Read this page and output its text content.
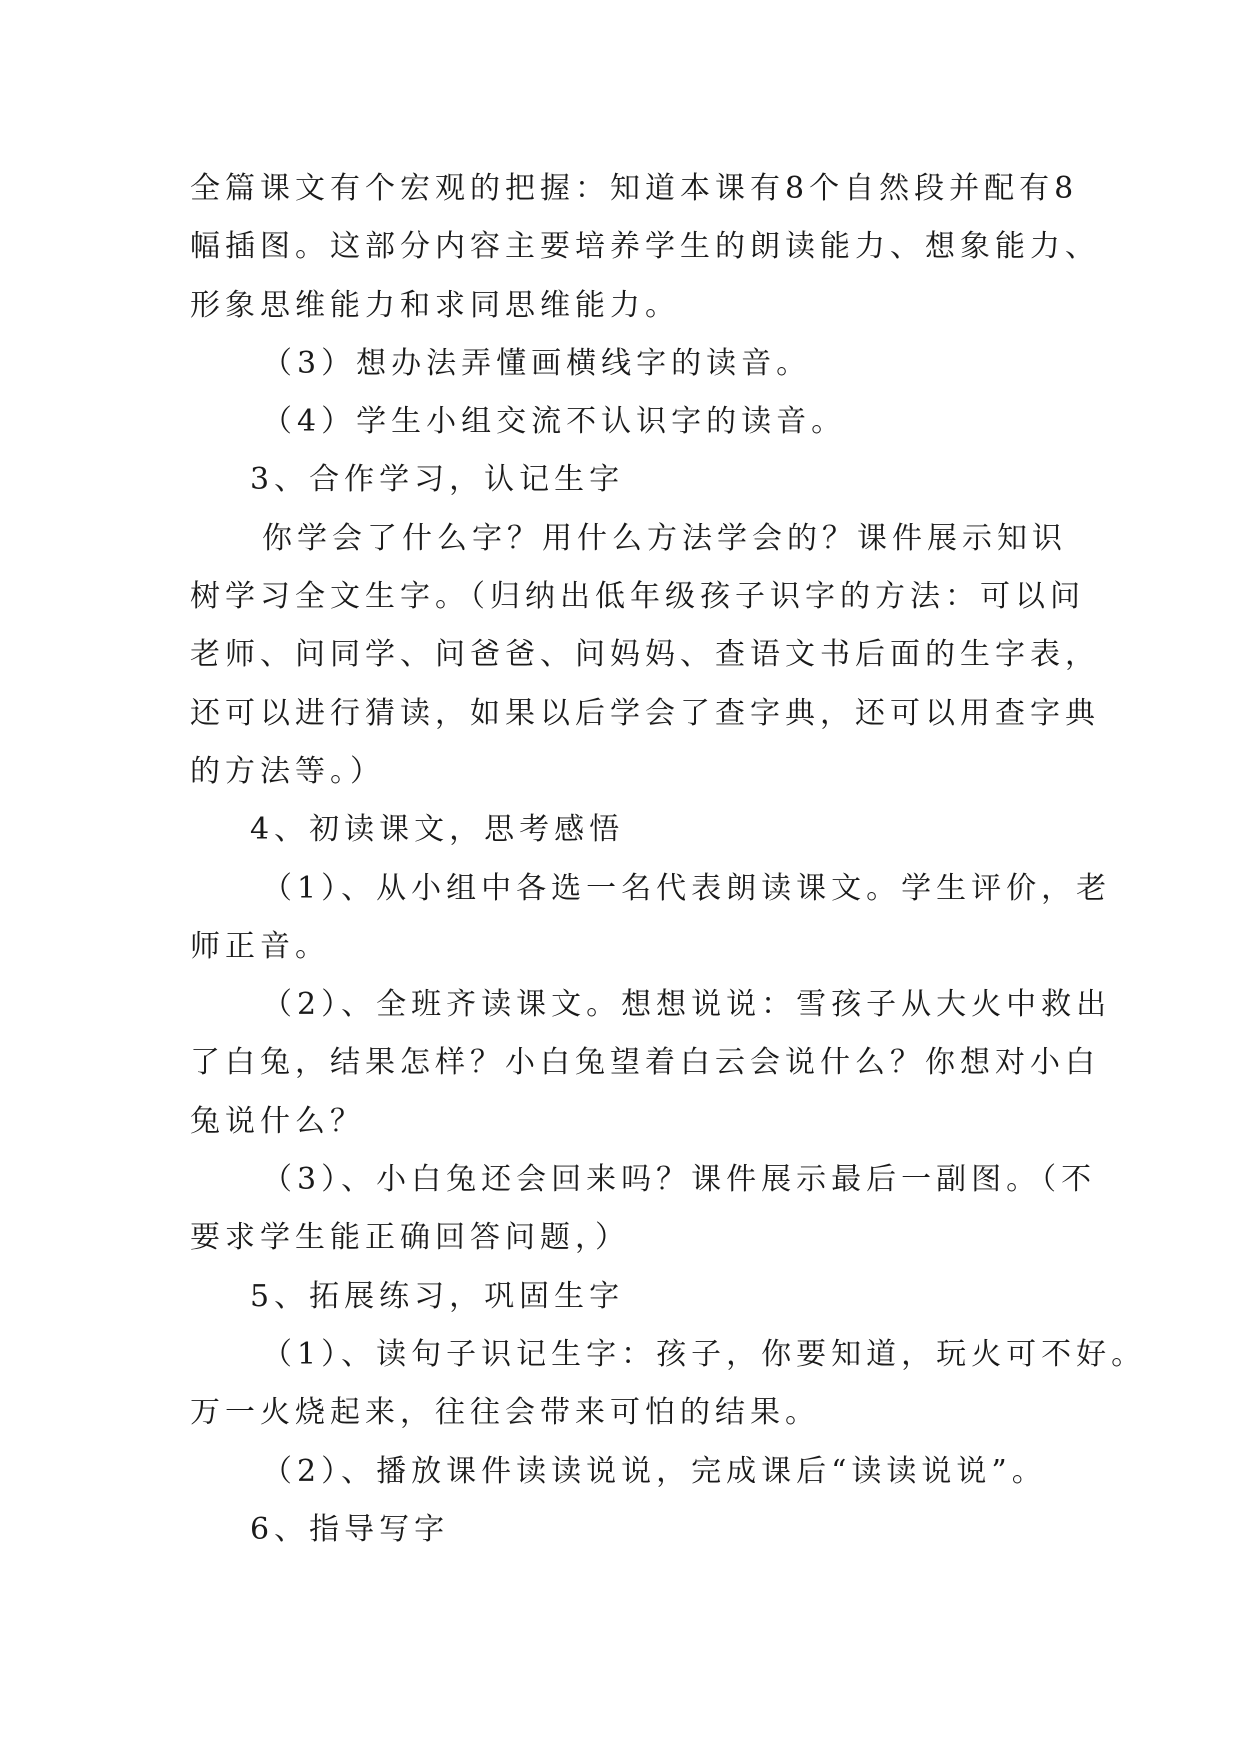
全篇课文有个宏观的把握：知道本课有8个自然段并配有8
幅插图。这部分内容主要培养学生的朗读能力、想象能力、
形象思维能力和求同思维能力。
（3）想办法弄懂画横线字的读音。
（4）学生小组交流不认识字的读音。
3、合作学习，认记生字
你学会了什么字？用什么方法学会的？课件展示知识
树学习全文生字。（归纳出低年级孩子识字的方法：可以问
老师、问同学、问爸爸、问妈妈、查语文书后面的生字表，
还可以进行猜读，如果以后学会了查字典，还可以用查字典
的方法等。）
4、初读课文，思考感悟
（1）、从小组中各选一名代表朗读课文。学生评价，老
师正音。
（2）、全班齐读课文。想想说说：雪孩子从大火中救出
了白兔，结果怎样？小白兔望着白云会说什么？你想对小白
兔说什么？
（3）、小白兔还会回来吗？课件展示最后一副图。（不
要求学生能正确回答问题，）
5、拓展练习，巩固生字
（1）、读句子识记生字：孩子，你要知道，玩火可不好。
万一火烧起来，往往会带来可怕的结果。
（2）、播放课件读读说说，完成课后“读读说说”。
6、指导写字
